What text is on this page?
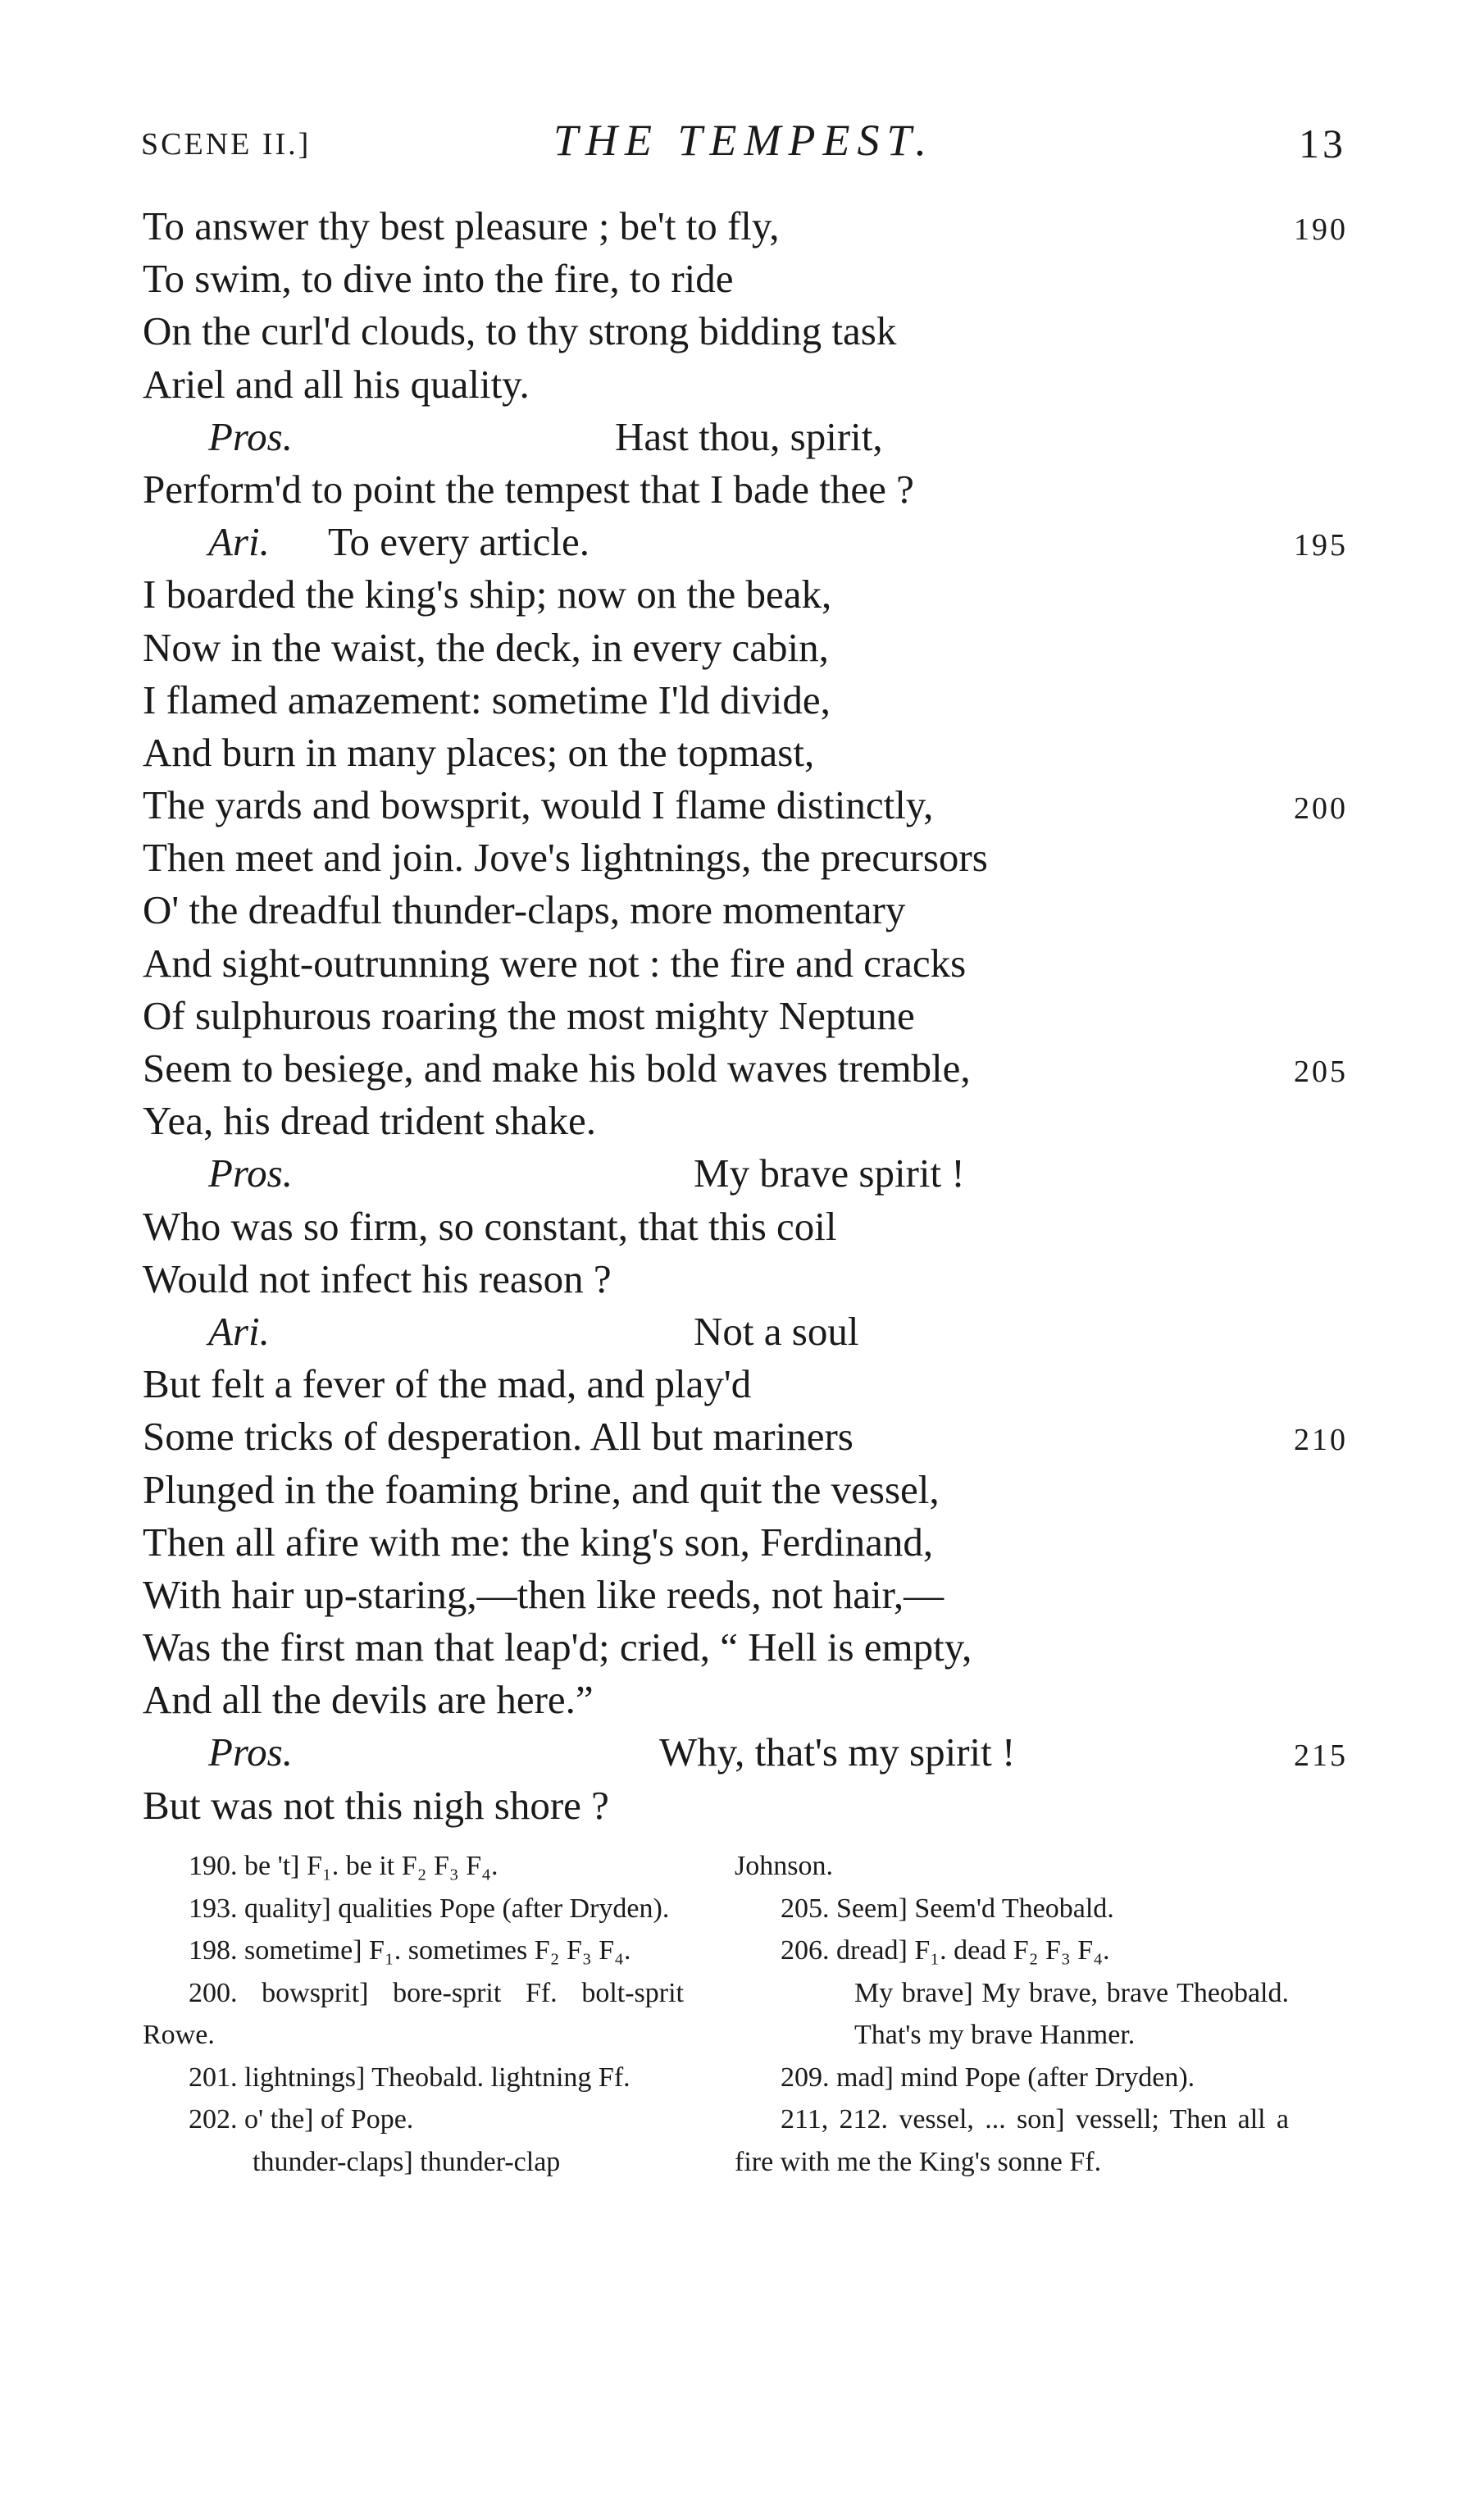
SCENE II.]	THE TEMPEST.	13
To answer thy best pleasure ; be't to fly,	190
To swim, to dive into the fire, to ride
On the curl'd clouds, to thy strong bidding task
Ariel and all his quality.
Pros.	Hast thou, spirit,
Perform'd to point the tempest that I bade thee ?
Ari. To every article.	195
I boarded the king's ship; now on the beak,
Now in the waist, the deck, in every cabin,
I flamed amazement: sometime I'ld divide,
And burn in many places; on the topmast,
The yards and bowsprit, would I flame distinctly,	200
Then meet and join. Jove's lightnings, the precursors
O' the dreadful thunder-claps, more momentary
And sight-outrunning were not : the fire and cracks
Of sulphurous roaring the most mighty Neptune
Seem to besiege, and make his bold waves tremble,	205
Yea, his dread trident shake.
Pros.	My brave spirit !
Who was so firm, so constant, that this coil
Would not infect his reason ?
Ari.	Not a soul
But felt a fever of the mad, and play'd
Some tricks of desperation. All but mariners	210
Plunged in the foaming brine, and quit the vessel,
Then all afire with me: the king's son, Ferdinand,
With hair up-staring,—then like reeds, not hair,—
Was the first man that leap'd; cried, “ Hell is empty,
And all the devils are here.”
Pros.	Why, that's my spirit !	215
But was not this nigh shore ?
190. be 't] F₁. be it F₂ F₃ F₄.
193. quality] qualities Pope (after Dryden).
198. sometime] F₁. sometimes F₂ F₃ F₄.
200. bowsprit] bore-sprit Ff. bolt-sprit Rowe.
201. lightnings] Theobald. lightning Ff.
202. o' the] of Pope.
thunder-claps] thunder-clap
Johnson.
205. Seem] Seem'd Theobald.
206. dread] F₁. dead F₂ F₃ F₄.
My brave] My brave, brave Theobald. That's my brave Hanmer.
209. mad] mind Pope (after Dryden).
211, 212. vessel, ... son] vessell; Then all a fire with me the King's sonne Ff.
